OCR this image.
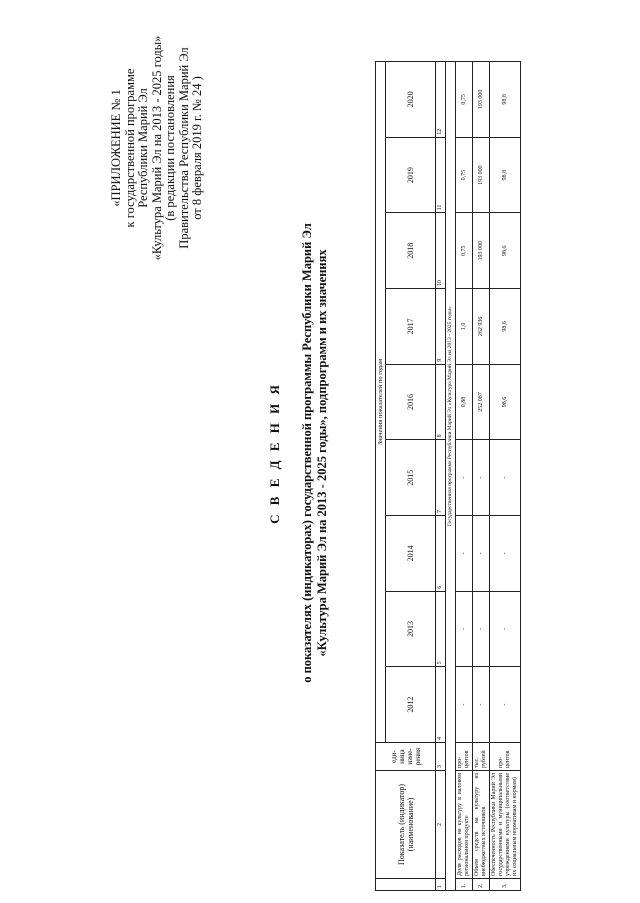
«ПРИЛОЖЕНИЕ № 1 к государственной программе Республики Марий Эл «Культура Марий Эл на 2013 - 2025 годы» (в редакции постановления Правительства Республики Марий Эл от 8 февраля 2019 г. № 24 )
С В Е Д Е Н И Я о показателях (индикаторах) государственной программы Республики Марий Эл «Культура Марий Эл на 2013 - 2025 годы», подпрограмм и их значениях
	Показатель (индикатор) (наименование)	еди-ница изме-рения	Значения показателей по годам								
			2012	2013	2014	2015	2016	2017	2018	2019	2020
1	2	3	4	5	6	7	8	9	10	11	12
		Государственная программа Республики Марий Эл «Культура Марий Эл на 2013 - 2025 годы»									
1.	Доля расходов на культуру в валовом региональном продукте	про-центов	-	-	-	-	0,88	1,0	0,75	0,75	0,75
2.	Объем средств на культуру из внебюджетных источников	тыс. рублей	-	-	-	-	252 087	262 936	193 000	193 000	193 000
3.	Обеспеченность Республики Марий Эл государственными и муниципальными учреждениями культуры (соответствие их социальным нормативам и нормам)	про-центов	-	-	-	-	98,6	98,6	98,6	98,8	98,8
